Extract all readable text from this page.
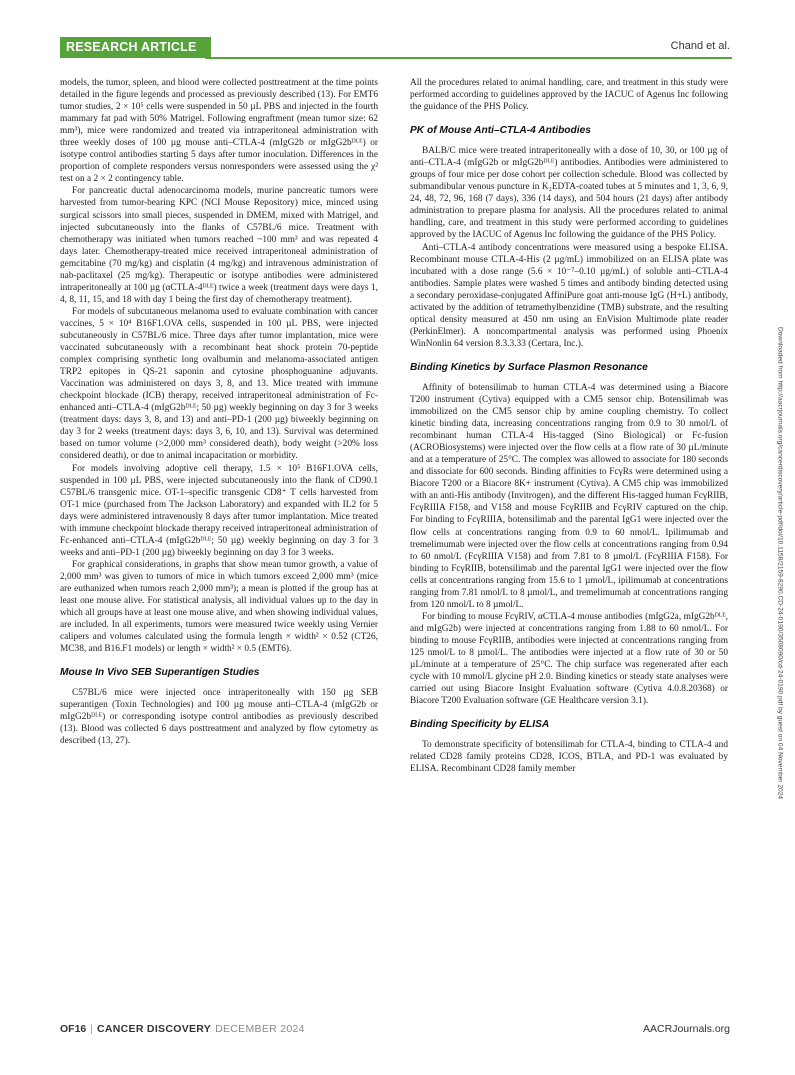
RESEARCH ARTICLE	Chand et al.

models, the tumor, spleen, and blood were collected posttreatment at the time points detailed in the figure legends and processed as previously described (13). For EMT6 tumor studies, 2 × 10⁵ cells were suspended in 50 µL PBS and injected in the fourth mammary fat pad with 50% Matrigel. Following engraftment (mean tumor size: 62 mm³), mice were randomized and treated via intraperitoneal administration with three weekly doses of 100 µg mouse anti–CTLA-4 (mIgG2b or mIgG2bᴰᴸᴱ) or isotype control antibodies starting 5 days after tumor inoculation. Differences in the proportion of complete responders versus nonresponders were assessed using the χ² test on a 2 × 2 contingency table.

For pancreatic ductal adenocarcinoma models, murine pancreatic tumors were harvested from tumor-bearing KPC (NCI Mouse Repository) mice, minced using surgical scissors into small pieces, suspended in DMEM, mixed with Matrigel, and injected subcutaneously into the flanks of C57BL/6 mice. Treatment with chemotherapy was initiated when tumors reached ~100 mm³ and was repeated 4 days later. Chemotherapy-treated mice received intraperitoneal administration of gemcitabine (70 mg/kg) and cisplatin (4 mg/kg) and intravenous administration of nab-paclitaxel (25 mg/kg). Therapeutic or isotype antibodies were administered intraperitoneally at 100 µg (αCTLA-4ᴰᴸᴱ) twice a week (treatment days were days 1, 4, 8, 11, 15, and 18 with day 1 being the first day of chemotherapy treatment).

For models of subcutaneous melanoma used to evaluate combination with cancer vaccines, 5 × 10⁴ B16F1.OVA cells, suspended in 100 µL PBS, were injected subcutaneously in C57BL/6 mice. Three days after tumor implantation, mice were vaccinated subcutaneously with a recombinant heat shock protein 70-peptide complex comprising synthetic long ovalbumin and melanoma-associated antigen TRP2 epitopes in QS-21 saponin and cytosine phosphoguanine adjuvants. Vaccination was administered on days 3, 8, and 13. Mice treated with immune checkpoint blockade (ICB) therapy, received intraperitoneal administration of Fc-enhanced anti–CTLA-4 (mIgG2bᴰᴸᴱ; 50 µg) weekly beginning on day 3 for 3 weeks (treatment days: days 3, 8, and 13) and anti–PD-1 (200 µg) biweekly beginning on day 3 for 2 weeks (treatment days: days 3, 6, 10, and 13). Survival was determined based on tumor volume (>2,000 mm³ considered death), body weight (>20% loss considered death), or due to animal incapacitation or morbidity.

For models involving adoptive cell therapy, 1.5 × 10⁵ B16F1.OVA cells, suspended in 100 µL PBS, were injected subcutaneously into the flank of CD90.1 C57BL/6 transgenic mice. OT-1–specific transgenic CD8⁺ T cells harvested from OT-1 mice (purchased from The Jackson Laboratory) and expanded with IL2 for 5 days were administered intravenously 8 days after tumor implantation. Mice treated with immune checkpoint blockade therapy received intraperitoneal administration of Fc-enhanced anti–CTLA-4 (mIgG2bᴰᴸᴱ; 50 µg) weekly beginning on day 3 for 3 weeks and anti–PD-1 (200 µg) biweekly beginning on day 3 for 3 weeks.

For graphical considerations, in graphs that show mean tumor growth, a value of 2,000 mm³ was given to tumors of mice in which tumors exceed 2,000 mm³ (mice are euthanized when tumors reach 2,000 mm³); a mean is plotted if the group has at least one mouse alive. For statistical analysis, all individual values up to the day in which all groups have at least one mouse alive, and when showing individual values, are included. In all experiments, tumors were measured twice weekly using Vernier calipers and volumes calculated using the formula length × width² × 0.52 (CT26, MC38, and B16.F1 models) or length × width² × 0.5 (EMT6).

Mouse In Vivo SEB Superantigen Studies

C57BL/6 mice were injected once intraperitoneally with 150 µg SEB superantigen (Toxin Technologies) and 100 µg mouse anti–CTLA-4 (mIgG2b or mIgG2bᴰᴸᴱ) or corresponding isotype control antibodies as previously described (13). Blood was collected 6 days posttreatment and analyzed by flow cytometry as described (13, 27).

All the procedures related to animal handling, care, and treatment in this study were performed according to guidelines approved by the IACUC of Agenus Inc following the guidance of the PHS Policy.

PK of Mouse Anti–CTLA-4 Antibodies

BALB/C mice were treated intraperitoneally with a dose of 10, 30, or 100 µg of anti–CTLA-4 (mIgG2b or mIgG2bᴰᴸᴱ) antibodies. Antibodies were administered to groups of four mice per dose cohort per collection schedule. Blood was collected by submandibular venous puncture in K₂EDTA-coated tubes at 5 minutes and 1, 3, 6, 9, 24, 48, 72, 96, 168 (7 days), 336 (14 days), and 504 hours (21 days) after antibody administration to prepare plasma for analysis. All the procedures related to animal handling, care, and treatment in this study were performed according to guidelines approved by the IACUC of Agenus Inc following the guidance of the PHS Policy.

Anti–CTLA-4 antibody concentrations were measured using a bespoke ELISA. Recombinant mouse CTLA-4-His (2 µg/mL) immobilized on an ELISA plate was incubated with a dose range (5.6 × 10⁻⁷–0.10 µg/mL) of soluble anti–CTLA-4 antibodies. Sample plates were washed 5 times and antibody binding detected using a secondary peroxidase-conjugated AffiniPure goat anti-mouse IgG (H+L) antibody, activated by the addition of tetramethylbenzidine (TMB) substrate, and the resulting optical density measured at 450 nm using an EnVision Multimode plate reader (PerkinElmer). A noncompartmental analysis was performed using Phoenix WinNonlin 64 version 8.3.3.33 (Certara, Inc.).

Binding Kinetics by Surface Plasmon Resonance

Affinity of botensilimab to human CTLA-4 was determined using a Biacore T200 instrument (Cytiva) equipped with a CM5 sensor chip. Botensilimab was immobilized on the CM5 sensor chip by amine coupling chemistry. To collect kinetic binding data, increasing concentrations ranging from 0.9 to 30 nmol/L of recombinant human CTLA-4 His-tagged (Sino Biological) or Fc-fusion (ACROBiosystems) were injected over the flow cells at a flow rate of 30 µL/minute and at a temperature of 25°C. The complex was allowed to associate for 180 seconds and dissociate for 600 seconds. Binding affinities to FcγRs were determined using a Biacore T200 or a Biacore 8K+ instrument (Cytiva). A CM5 chip was immobilized with an anti-His antibody (Invitrogen), and the different His-tagged human FcγRIIB, FcγRIIIA F158, and V158 and mouse FcγRIIB and FcγRIV captured on the chip. For binding to FcγRIIIA, botensilimab and the parental IgG1 were injected over the flow cells at concentrations ranging from 0.9 to 60 nmol/L. Ipilimumab and tremelimumab were injected over the flow cells at concentrations ranging from 0.94 to 60 nmol/L (FcγRIIIA V158) and from 7.81 to 8 µmol/L (FcγRIIIA F158). For binding to FcγRIIB, botensilimab and the parental IgG1 were injected over the flow cells at concentrations ranging from 15.6 to 1 µmol/L, ipilimumab at concentrations ranging from 7.81 nmol/L to 8 µmol/L, and tremelimumab at concentrations ranging from 120 nmol/L to 8 µmol/L.

For binding to mouse FcγRIV, αCTLA-4 mouse antibodies (mIgG2a, mIgG2bᴰᴸᴱ, and mIgG2b) were injected at concentrations ranging from 1.88 to 60 nmol/L. For binding to mouse FcγRIIB, antibodies were injected at concentrations ranging from 125 nmol/L to 8 µmol/L. The antibodies were injected at a flow rate of 30 or 50 µL/minute at a temperature of 25°C. The chip surface was regenerated after each cycle with 10 mmol/L glycine pH 2.0. Binding kinetics or steady state analyses were carried out using Biacore Insight Evaluation software (Cytiva 4.0.8.20368) or Biacore T200 Evaluation software (GE Healthcare version 3.1).

Binding Specificity by ELISA

To demonstrate specificity of botensilimab for CTLA-4, binding to CTLA-4 and related CD28 family proteins CD28, ICOS, BTLA, and PD-1 was evaluated by ELISA. Recombinant CD28 family member	Downloaded from http://aacrjournals.org/cancerdiscovery/article-pdf/doi/10.1158/2159-8290.CD-24-0190/3508090/cd-24-0190.pdf by guest on 04 November 2024
OF16 | CANCER DISCOVERY DECEMBER 2024	AACRJournals.org
